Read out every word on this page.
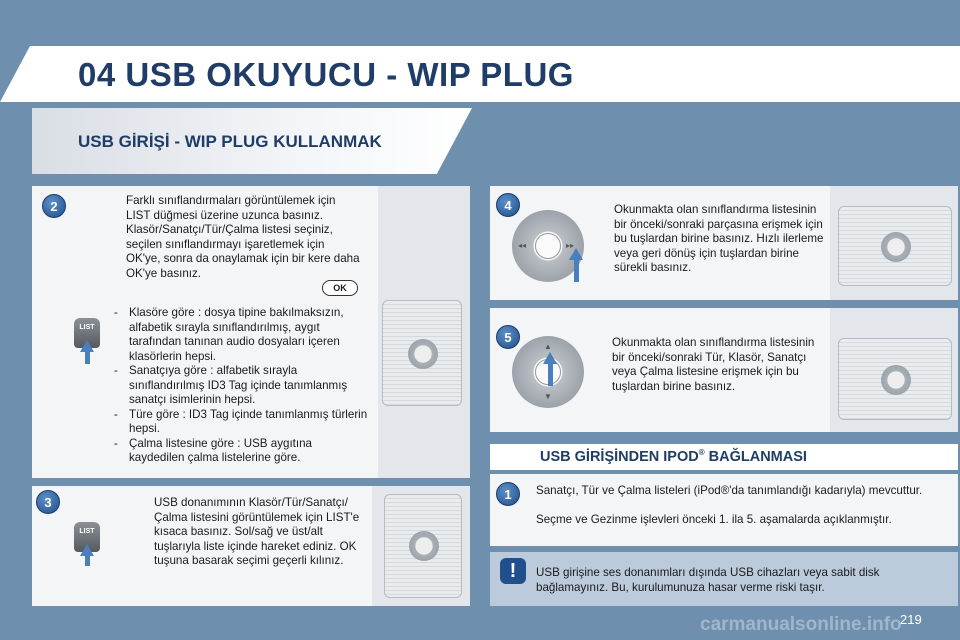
04 USB OKUYUCU - WIP PLUG
USB GİRİŞİ - WIP PLUG KULLANMAK
2	Farklı sınıflandırmaları görüntülemek için LIST düğmesi üzerine uzunca basınız. Klasör/Sanatçı/Tür/Çalma listesi seçiniz, seçilen sınıflandırmayı işaretlemek için OK'ye, sonra da onaylamak için bir kere daha OK'ye basınız.
OK
LIST
- Klasöre göre : dosya tipine bakılmaksızın, alfabetik sırayla sınıflandırılmış, aygıt tarafından tanınan audio dosyaları içeren klasörlerin hepsi.
- Sanatçıya göre : alfabetik sırayla sınıflandırılmış ID3 Tag içinde tanımlanmış sanatçı isimlerinin hepsi.
- Türe göre : ID3 Tag içinde tanımlanmış türlerin hepsi.
- Çalma listesine göre : USB aygıtına kaydedilen çalma listelerine göre.
3
LIST
USB donanımının Klasör/Tür/Sanatçı/ Çalma listesini görüntülemek için LIST'e kısaca basınız. Sol/sağ ve üst/alt tuşlarıyla liste içinde hareket ediniz. OK tuşuna basarak seçimi geçerli kılınız.
4
◂◂	▸▸
Okunmakta olan sınıflandırma listesinin bir önceki/sonraki parçasına erişmek için bu tuşlardan birine basınız. Hızlı ilerleme veya geri dönüş için tuşlardan birine sürekli basınız.
5
▲
▼
Okunmakta olan sınıflandırma listesinin bir önceki/sonraki Tür, Klasör, Sanatçı veya Çalma listesine erişmek için bu tuşlardan birine basınız.
USB GİRİŞİNDEN IPOD® BAĞLANMASI
1	Sanatçı, Tür ve Çalma listeleri (iPod®'da tanımlandığı kadarıyla) mevcuttur.
Seçme ve Gezinme işlevleri önceki 1. ila 5. aşamalarda açıklanmıştır.
!	USB girişine ses donanımları dışında USB cihazları veya sabit disk bağlamayınız. Bu, kurulumunuza hasar verme riski taşır.
carmanualsonline.info
219
